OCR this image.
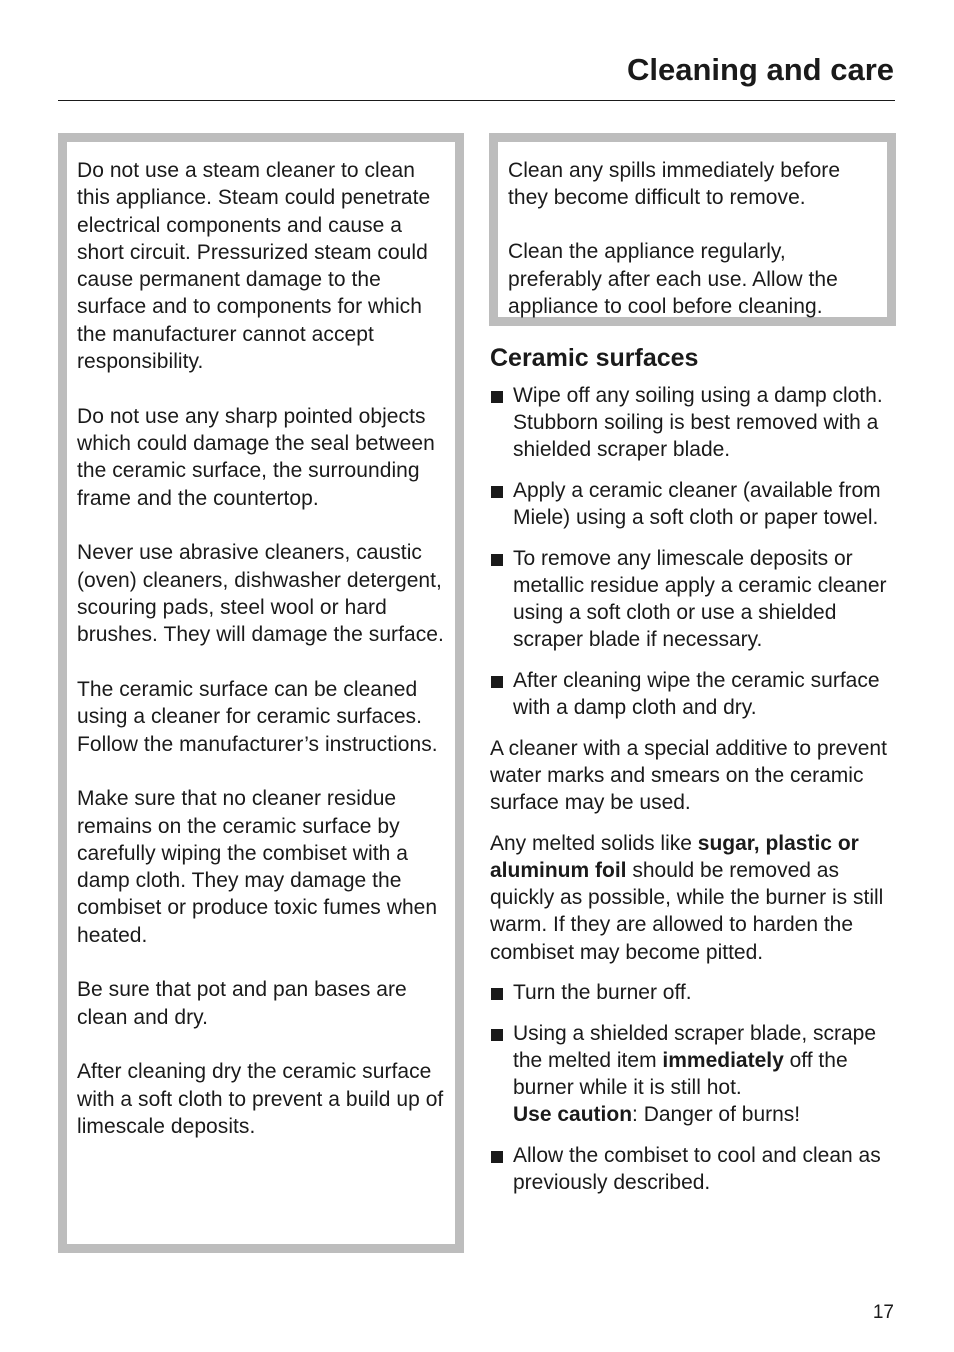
Cleaning and care

Do not use a steam cleaner to clean this appliance. Steam could penetrate electrical components and cause a short circuit. Pressurized steam could cause permanent damage to the surface and to components for which the manufacturer cannot accept responsibility.

Do not use any sharp pointed objects which could damage the seal between the ceramic surface, the surrounding frame and the countertop.

Never use abrasive cleaners, caustic (oven) cleaners, dishwasher detergent, scouring pads, steel wool or hard brushes. They will damage the surface.

The ceramic surface can be cleaned using a cleaner for ceramic surfaces. Follow the manufacturer’s instructions.

Make sure that no cleaner residue remains on the ceramic surface by carefully wiping the combiset with a damp cloth. They may damage the combiset or produce toxic fumes when heated.

Be sure that pot and pan bases are clean and dry.

After cleaning dry the ceramic surface with a soft cloth to prevent a build up of limescale deposits.

Clean any spills immediately before they become difficult to remove.

Clean the appliance regularly, preferably after each use. Allow the appliance to cool before cleaning.

Ceramic surfaces
Wipe off any soiling using a damp cloth. Stubborn soiling is best removed with a shielded scraper blade.
Apply a ceramic cleaner (available from Miele) using a soft cloth or paper towel.
To remove any limescale deposits or metallic residue apply a ceramic cleaner using a soft cloth or use a shielded scraper blade if necessary.
After cleaning wipe the ceramic surface with a damp cloth and dry.

A cleaner with a special additive to prevent water marks and smears on the ceramic surface may be used.

Any melted solids like sugar, plastic or aluminum foil should be removed as quickly as possible, while the burner is still warm. If they are allowed to harden the combiset may become pitted.

Turn the burner off.
Using a shielded scraper blade, scrape the melted item immediately off the burner while it is still hot.
Use caution: Danger of burns!
Allow the combiset to cool and clean as previously described.
17
